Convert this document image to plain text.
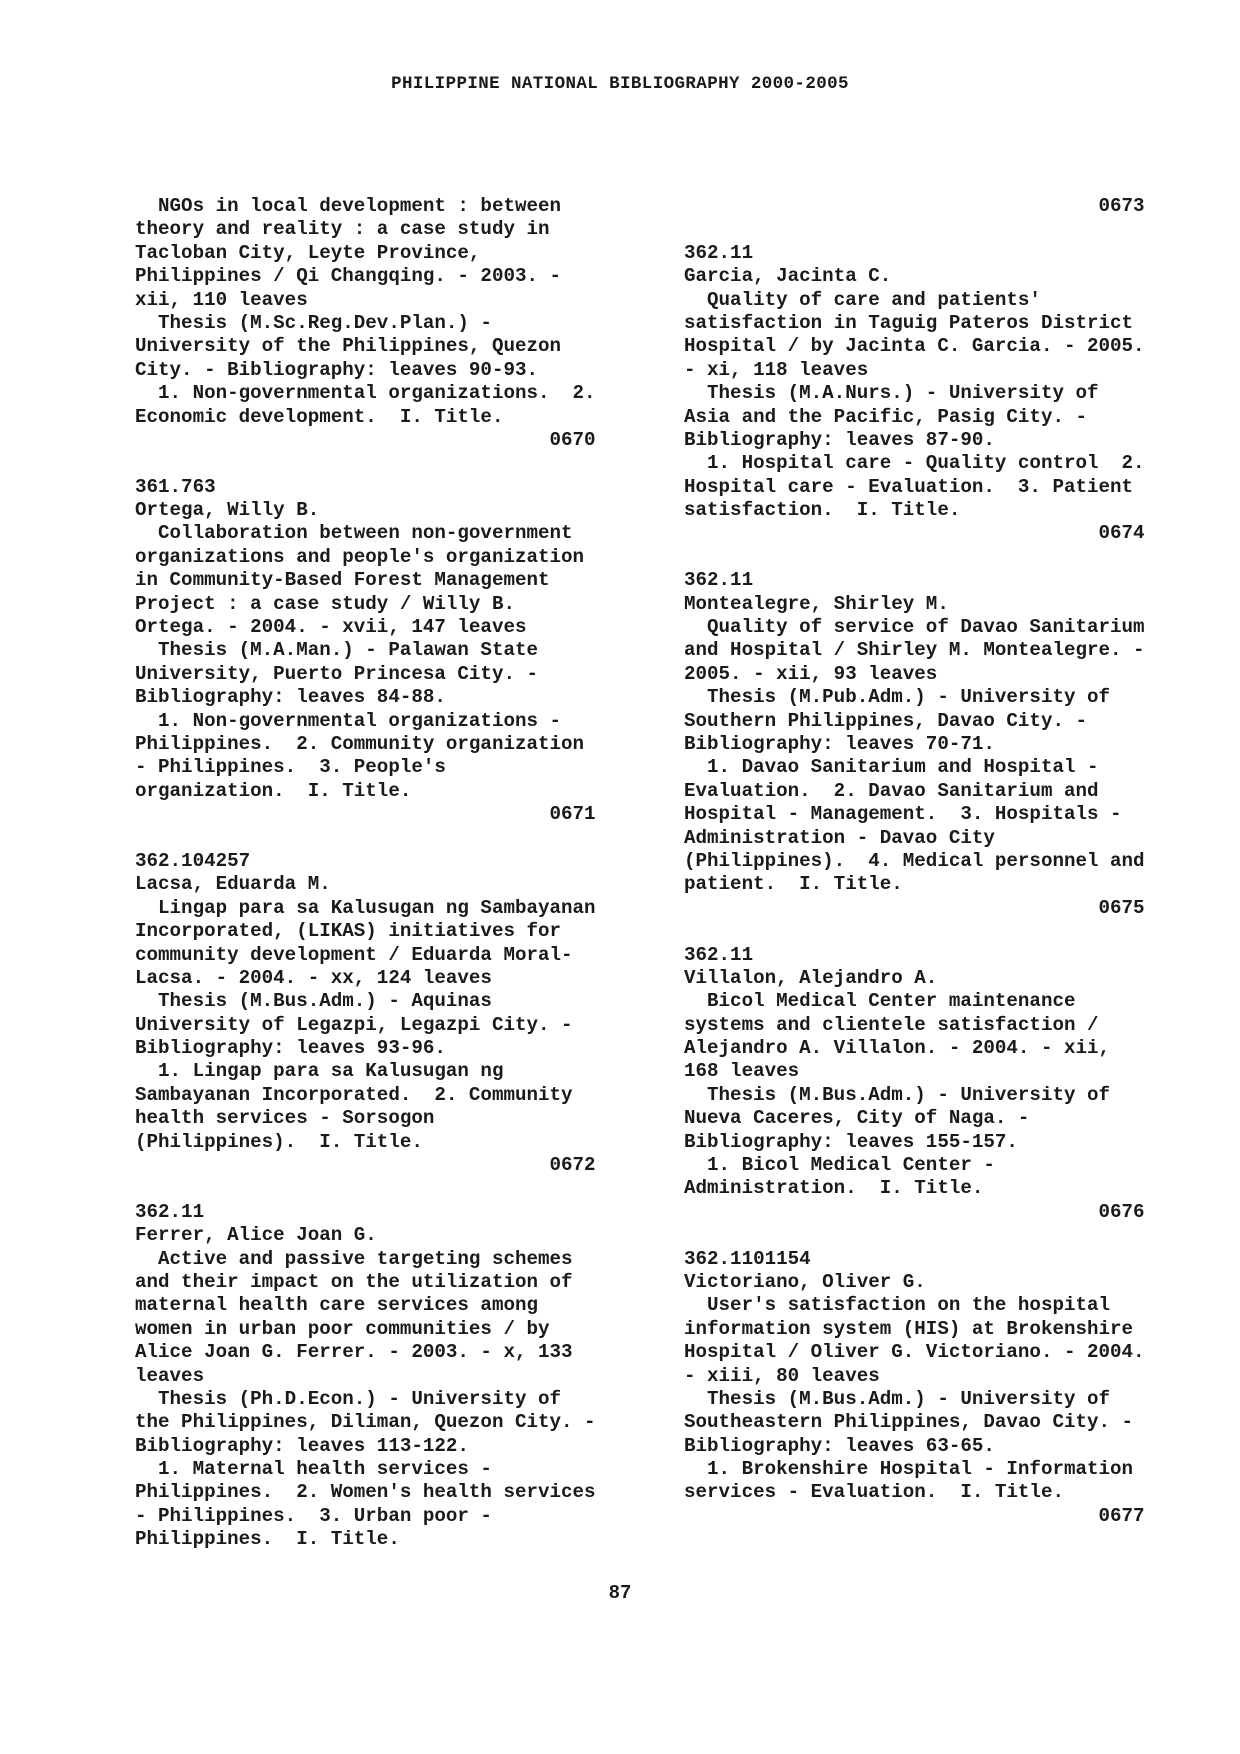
PHILIPPINE NATIONAL BIBLIOGRAPHY 2000-2005
NGOs in local development : between
theory and reality : a case study in
Tacloban City, Leyte Province,
Philippines / Qi Changqing. - 2003. -
xii, 110 leaves
Thesis (M.Sc.Reg.Dev.Plan.) -
University of the Philippines, Quezon
City. - Bibliography: leaves 90-93.
1. Non-governmental organizations.  2.
Economic development.  I. Title.
0670
361.763
Ortega, Willy B.
Collaboration between non-government
organizations and people's organization
in Community-Based Forest Management
Project : a case study / Willy B.
Ortega. - 2004. - xvii, 147 leaves
Thesis (M.A.Man.) - Palawan State
University, Puerto Princesa City. -
Bibliography: leaves 84-88.
1. Non-governmental organizations -
Philippines.  2. Community organization
- Philippines.  3. People's
organization.  I. Title.
0671
362.104257
Lacsa, Eduarda M.
Lingap para sa Kalusugan ng Sambayanan
Incorporated, (LIKAS) initiatives for
community development / Eduarda Moral-
Lacsa. - 2004. - xx, 124 leaves
Thesis (M.Bus.Adm.) - Aquinas
University of Legazpi, Legazpi City. -
Bibliography: leaves 93-96.
1. Lingap para sa Kalusugan ng
Sambayanan Incorporated.  2. Community
health services - Sorsogon
(Philippines).  I. Title.
0672
362.11
Ferrer, Alice Joan G.
Active and passive targeting schemes
and their impact on the utilization of
maternal health care services among
women in urban poor communities / by
Alice Joan G. Ferrer. - 2003. - x, 133
leaves
Thesis (Ph.D.Econ.) - University of
the Philippines, Diliman, Quezon City. -
Bibliography: leaves 113-122.
1. Maternal health services -
Philippines.  2. Women's health services
- Philippines.  3. Urban poor -
Philippines.  I. Title.
0673
362.11
Garcia, Jacinta C.
Quality of care and patients'
satisfaction in Taguig Pateros District
Hospital / by Jacinta C. Garcia. - 2005.
- xi, 118 leaves
Thesis (M.A.Nurs.) - University of
Asia and the Pacific, Pasig City. -
Bibliography: leaves 87-90.
1. Hospital care - Quality control  2.
Hospital care - Evaluation.  3. Patient
satisfaction.  I. Title.
0674
362.11
Montealegre, Shirley M.
Quality of service of Davao Sanitarium
and Hospital / Shirley M. Montealegre. -
2005. - xii, 93 leaves
Thesis (M.Pub.Adm.) - University of
Southern Philippines, Davao City. -
Bibliography: leaves 70-71.
1. Davao Sanitarium and Hospital -
Evaluation.  2. Davao Sanitarium and
Hospital - Management.  3. Hospitals -
Administration - Davao City
(Philippines).  4. Medical personnel and
patient.  I. Title.
0675
362.11
Villalon, Alejandro A.
Bicol Medical Center maintenance
systems and clientele satisfaction /
Alejandro A. Villalon. - 2004. - xii,
168 leaves
Thesis (M.Bus.Adm.) - University of
Nueva Caceres, City of Naga. -
Bibliography: leaves 155-157.
1. Bicol Medical Center -
Administration.  I. Title.
0676
362.1101154
Victoriano, Oliver G.
User's satisfaction on the hospital
information system (HIS) at Brokenshire
Hospital / Oliver G. Victoriano. - 2004.
- xiii, 80 leaves
Thesis (M.Bus.Adm.) - University of
Southeastern Philippines, Davao City. -
Bibliography: leaves 63-65.
1. Brokenshire Hospital - Information
services - Evaluation.  I. Title.
0677
87
